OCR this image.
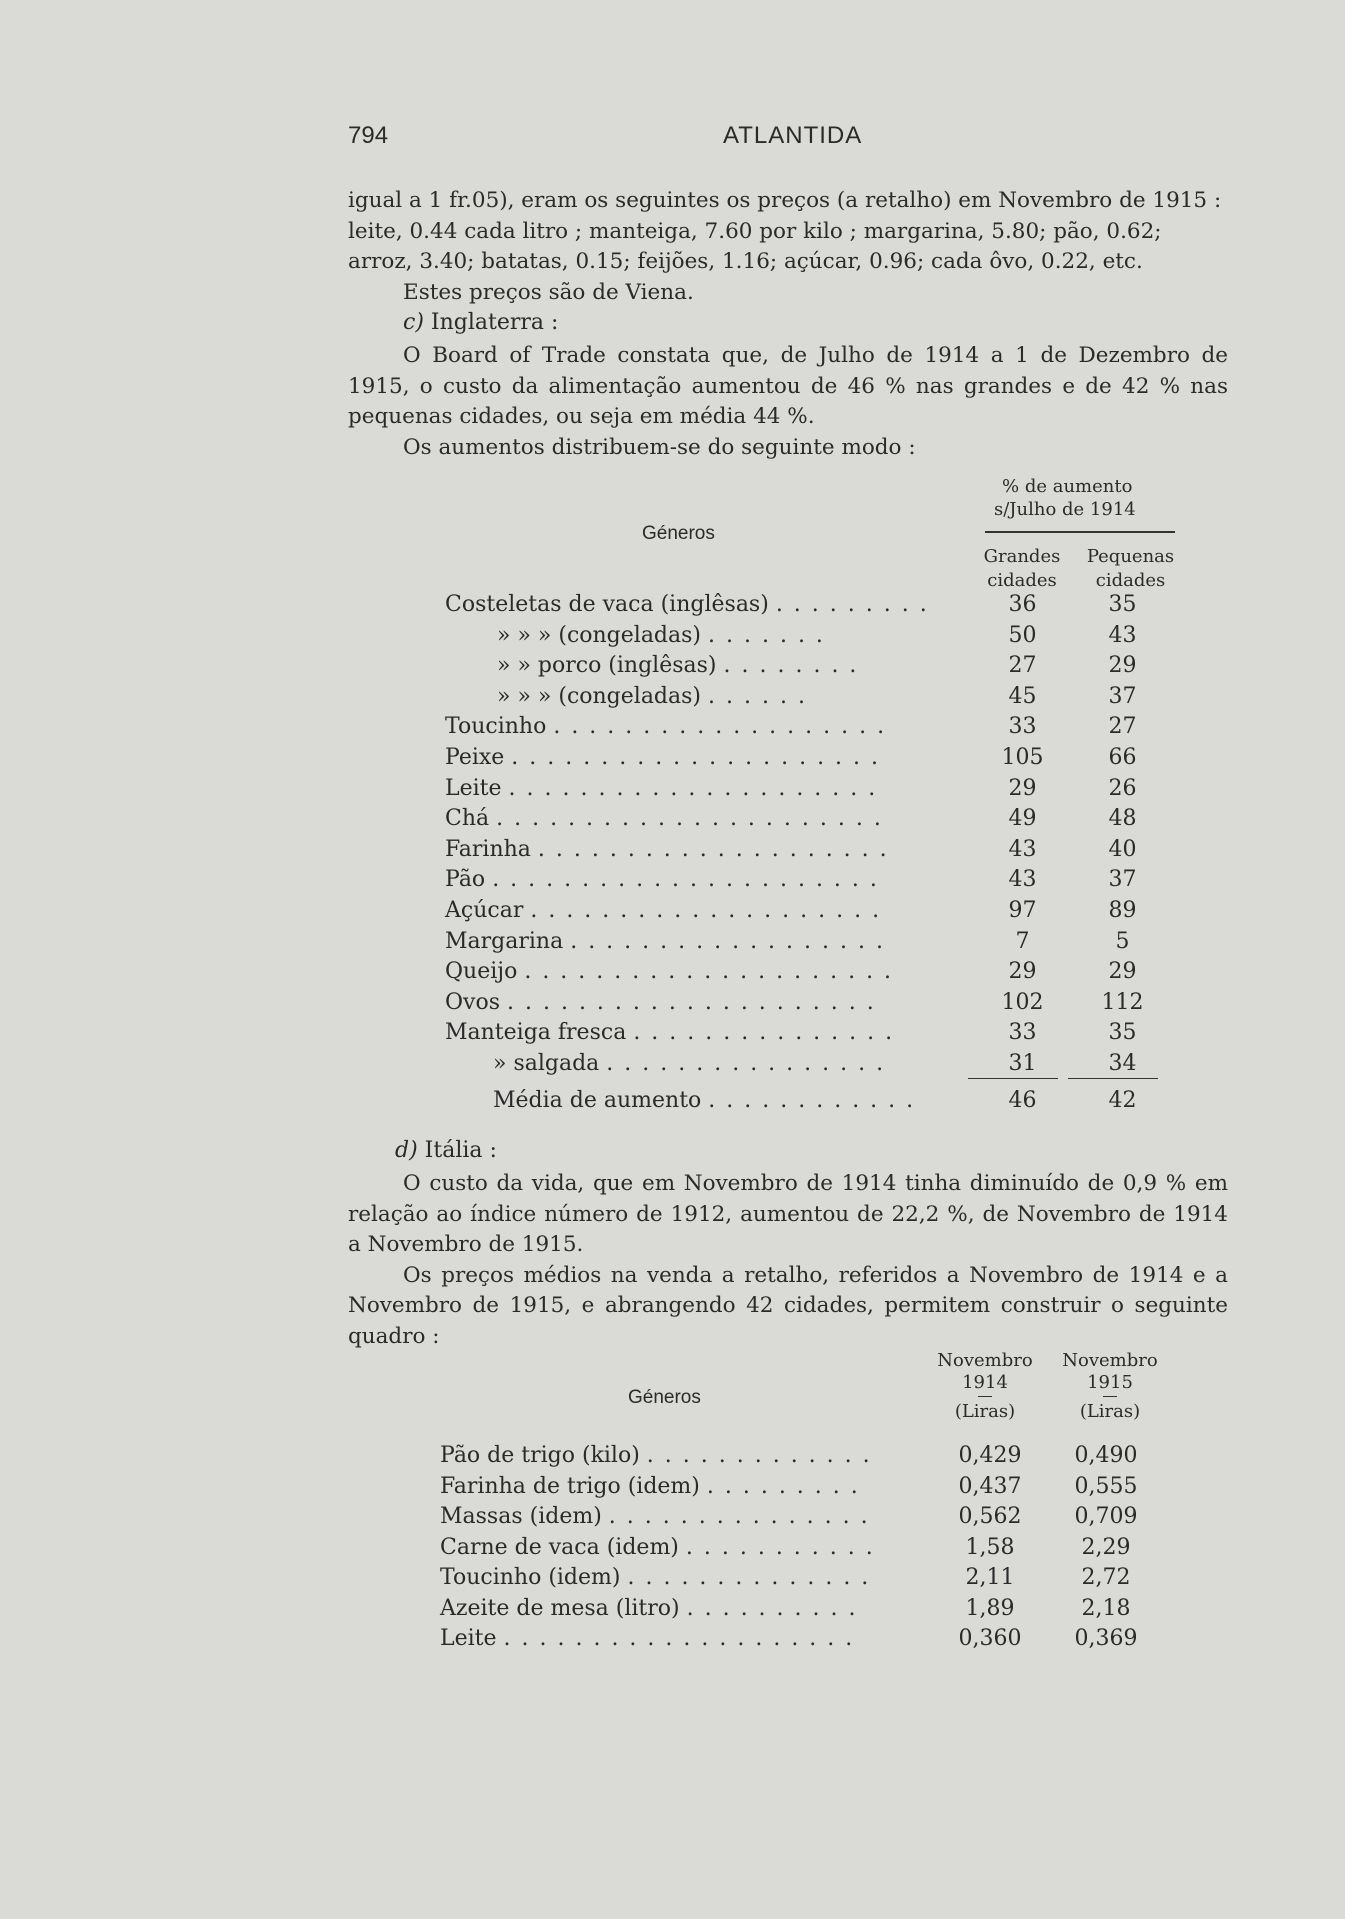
794	ATLANTIDA

igual a 1 fr.05), eram os seguintes os preços (a retalho) em Novembro de 1915 :

leite, 0.44 cada litro ; manteiga, 7.60 por kilo ; margarina, 5.80; pão, 0.62;

arroz, 3.40; batatas, 0.15; feijões, 1.16; açúcar, 0.96; cada ôvo, 0.22, etc.

Estes preços são de Viena.

c) Inglaterra :

O Board of Trade constata que, de Julho de 1914 a 1 de Dezembro de 1915, o custo da alimentação aumentou de 46 % nas grandes e de 42 % nas pequenas cidades, ou seja em média 44 %.

Os aumentos distribuem-se do seguinte modo :

Géneros
% de aumento
s/Julho de 1914
Grandes
cidades
Pequenas
cidades
Costeletas de vaca (inglêsas) . . . . . . . . .	36	35
» » » (congeladas) . . . . . . .	50	43
» » porco (inglêsas) . . . . . . . .	27	29
» » » (congeladas) . . . . . .	45	37
Toucinho . . . . . . . . . . . . . . . . . . .	33	27
Peixe . . . . . . . . . . . . . . . . . . . . .	105	66
Leite . . . . . . . . . . . . . . . . . . . . .	29	26
Chá . . . . . . . . . . . . . . . . . . . . . .	49	48
Farinha . . . . . . . . . . . . . . . . . . . .	43	40
Pão . . . . . . . . . . . . . . . . . . . . . .	43	37
Açúcar . . . . . . . . . . . . . . . . . . . .	97	89
Margarina . . . . . . . . . . . . . . . . . .	7	5
Queijo . . . . . . . . . . . . . . . . . . . . .	29	29
Ovos . . . . . . . . . . . . . . . . . . . . .	102	112
Manteiga fresca . . . . . . . . . . . . . . .	33	35
» salgada . . . . . . . . . . . . . . . .	31	34
Média de aumento . . . . . . . . . . . .	46	42
d) Itália :

O custo da vida, que em Novembro de 1914 tinha diminuído de 0,9 % em relação ao índice número de 1912, aumentou de 22,2 %, de Novembro de 1914 a Novembro de 1915.

Os preços médios na venda a retalho, referidos a Novembro de 1914 e a Novembro de 1915, e abrangendo 42 cidades, permitem construir o seguinte quadro :

Géneros
Novembro
1914
(Liras)
Novembro
1915
(Liras)
Pão de trigo (kilo) . . . . . . . . . . . . .	0,429	0,490
Farinha de trigo (idem) . . . . . . . . .	0,437	0,555
Massas (idem) . . . . . . . . . . . . . . .	0,562	0,709
Carne de vaca (idem) . . . . . . . . . . .	1,58	2,29
Toucinho (idem) . . . . . . . . . . . . . .	2,11	2,72
Azeite de mesa (litro) . . . . . . . . . .	1,89	2,18
Leite . . . . . . . . . . . . . . . . . . . .	0,360	0,369
